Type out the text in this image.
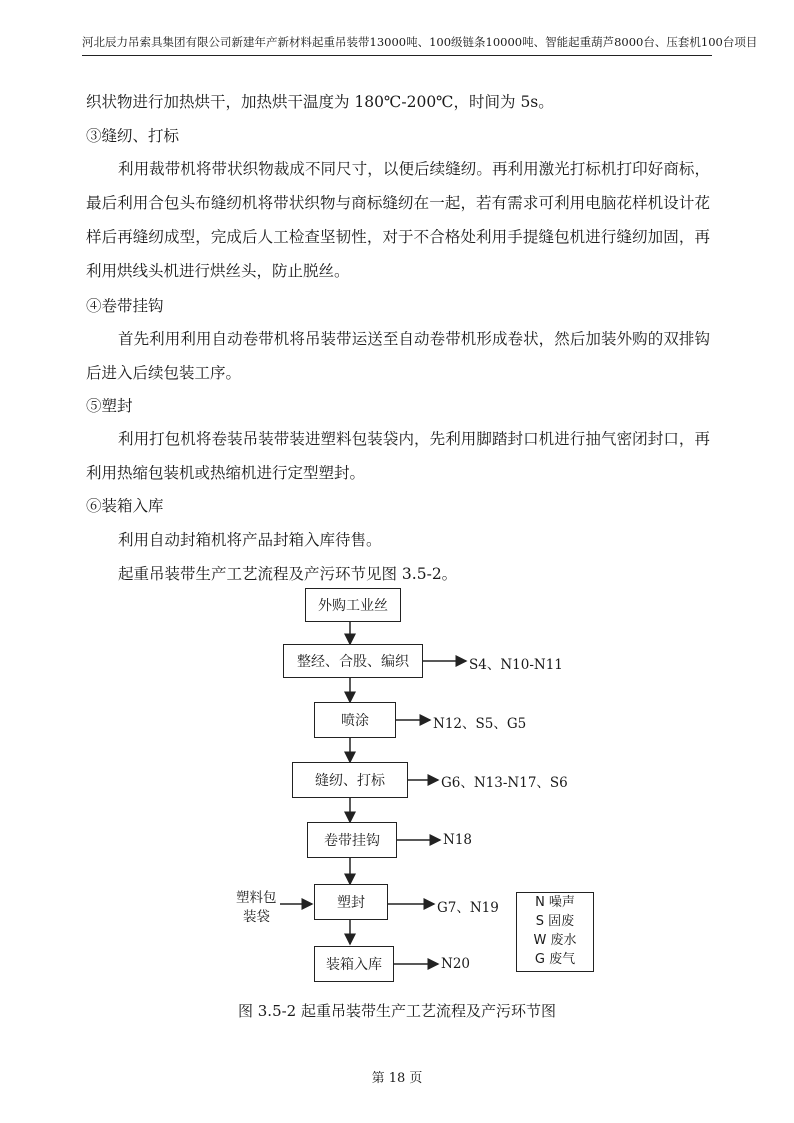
河北辰力吊索具集团有限公司新建年产新材料起重吊装带13000吨、100级链条10000吨、智能起重葫芦8000台、压套机100台项目
织状物进行加热烘干，加热烘干温度为 180℃-200℃，时间为 5s。
③缝纫、打标
利用裁带机将带状织物裁成不同尺寸，以便后续缝纫。再利用激光打标机打印好商标，最后利用合包头布缝纫机将带状织物与商标缝纫在一起，若有需求可利用电脑花样机设计花样后再缝纫成型，完成后人工检查坚韧性，对于不合格处利用手提缝包机进行缝纫加固，再利用烘线头机进行烘丝头，防止脱丝。
④卷带挂钩
首先利用利用自动卷带机将吊装带运送至自动卷带机形成卷状，然后加装外购的双排钩后进入后续包装工序。
⑤塑封
利用打包机将卷装吊装带装进塑料包装袋内，先利用脚踏封口机进行抽气密闭封口，再利用热缩包装机或热缩机进行定型塑封。
⑥装箱入库
利用自动封箱机将产品封箱入库待售。
起重吊装带生产工艺流程及产污环节见图 3.5-2。
外购工业丝
整经、合股、编织
喷涂
缝纫、打标
卷带挂钩
塑封
装箱入库
S4、N10-N11
N12、S5、G5
G6、N13-N17、S6
N18
G7、N19
N20
塑料包
装袋
N 噪声
S 固废
W 废水
G 废气
图 3.5-2 起重吊装带生产工艺流程及产污环节图
第 18 页
